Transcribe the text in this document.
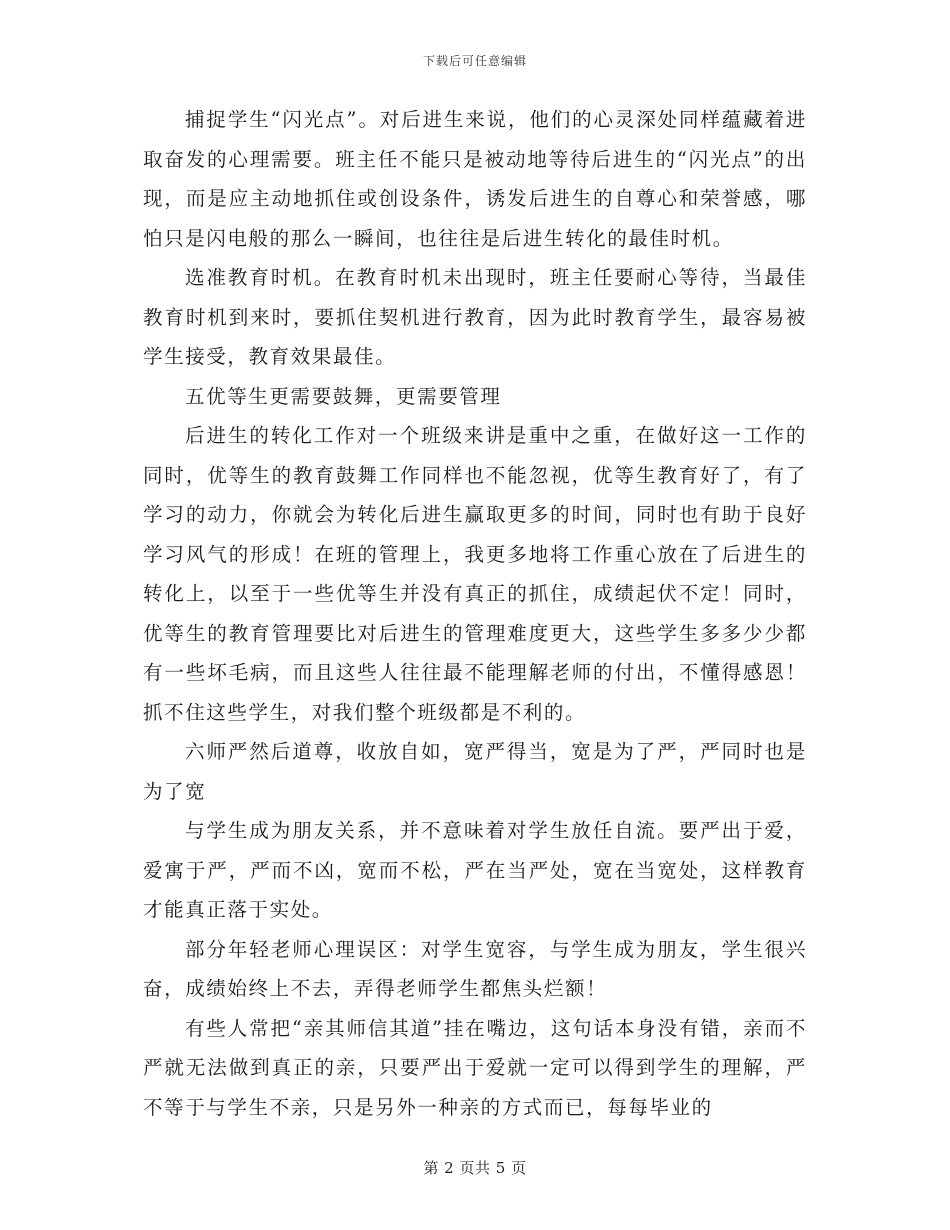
下载后可任意编辑

捕捉学生“闪光点”。对后进生来说，他们的心灵深处同样蕴藏着进取奋发的心理需要。班主任不能只是被动地等待后进生的“闪光点”的出现，而是应主动地抓住或创设条件，诱发后进生的自尊心和荣誉感，哪怕只是闪电般的那么一瞬间，也往往是后进生转化的最佳时机。

选准教育时机。在教育时机未出现时，班主任要耐心等待，当最佳教育时机到来时，要抓住契机进行教育，因为此时教育学生，最容易被学生接受，教育效果最佳。

五优等生更需要鼓舞，更需要管理

后进生的转化工作对一个班级来讲是重中之重，在做好这一工作的同时，优等生的教育鼓舞工作同样也不能忽视，优等生教育好了，有了学习的动力，你就会为转化后进生赢取更多的时间，同时也有助于良好学习风气的形成！在班的管理上，我更多地将工作重心放在了后进生的转化上，以至于一些优等生并没有真正的抓住，成绩起伏不定！同时，优等生的教育管理要比对后进生的管理难度更大，这些学生多多少少都有一些坏毛病，而且这些人往往最不能理解老师的付出，不懂得感恩！抓不住这些学生，对我们整个班级都是不利的。

六师严然后道尊，收放自如，宽严得当，宽是为了严，严同时也是为了宽

与学生成为朋友关系，并不意味着对学生放任自流。要严出于爱，爱寓于严，严而不凶，宽而不松，严在当严处，宽在当宽处，这样教育才能真正落于实处。

部分年轻老师心理误区：对学生宽容，与学生成为朋友，学生很兴奋，成绩始终上不去，弄得老师学生都焦头烂额！

有些人常把“亲其师信其道”挂在嘴边，这句话本身没有错，亲而不严就无法做到真正的亲，只要严出于爱就一定可以得到学生的理解，严不等于与学生不亲，只是另外一种亲的方式而已，每每毕业的

第 2 页共 5 页
